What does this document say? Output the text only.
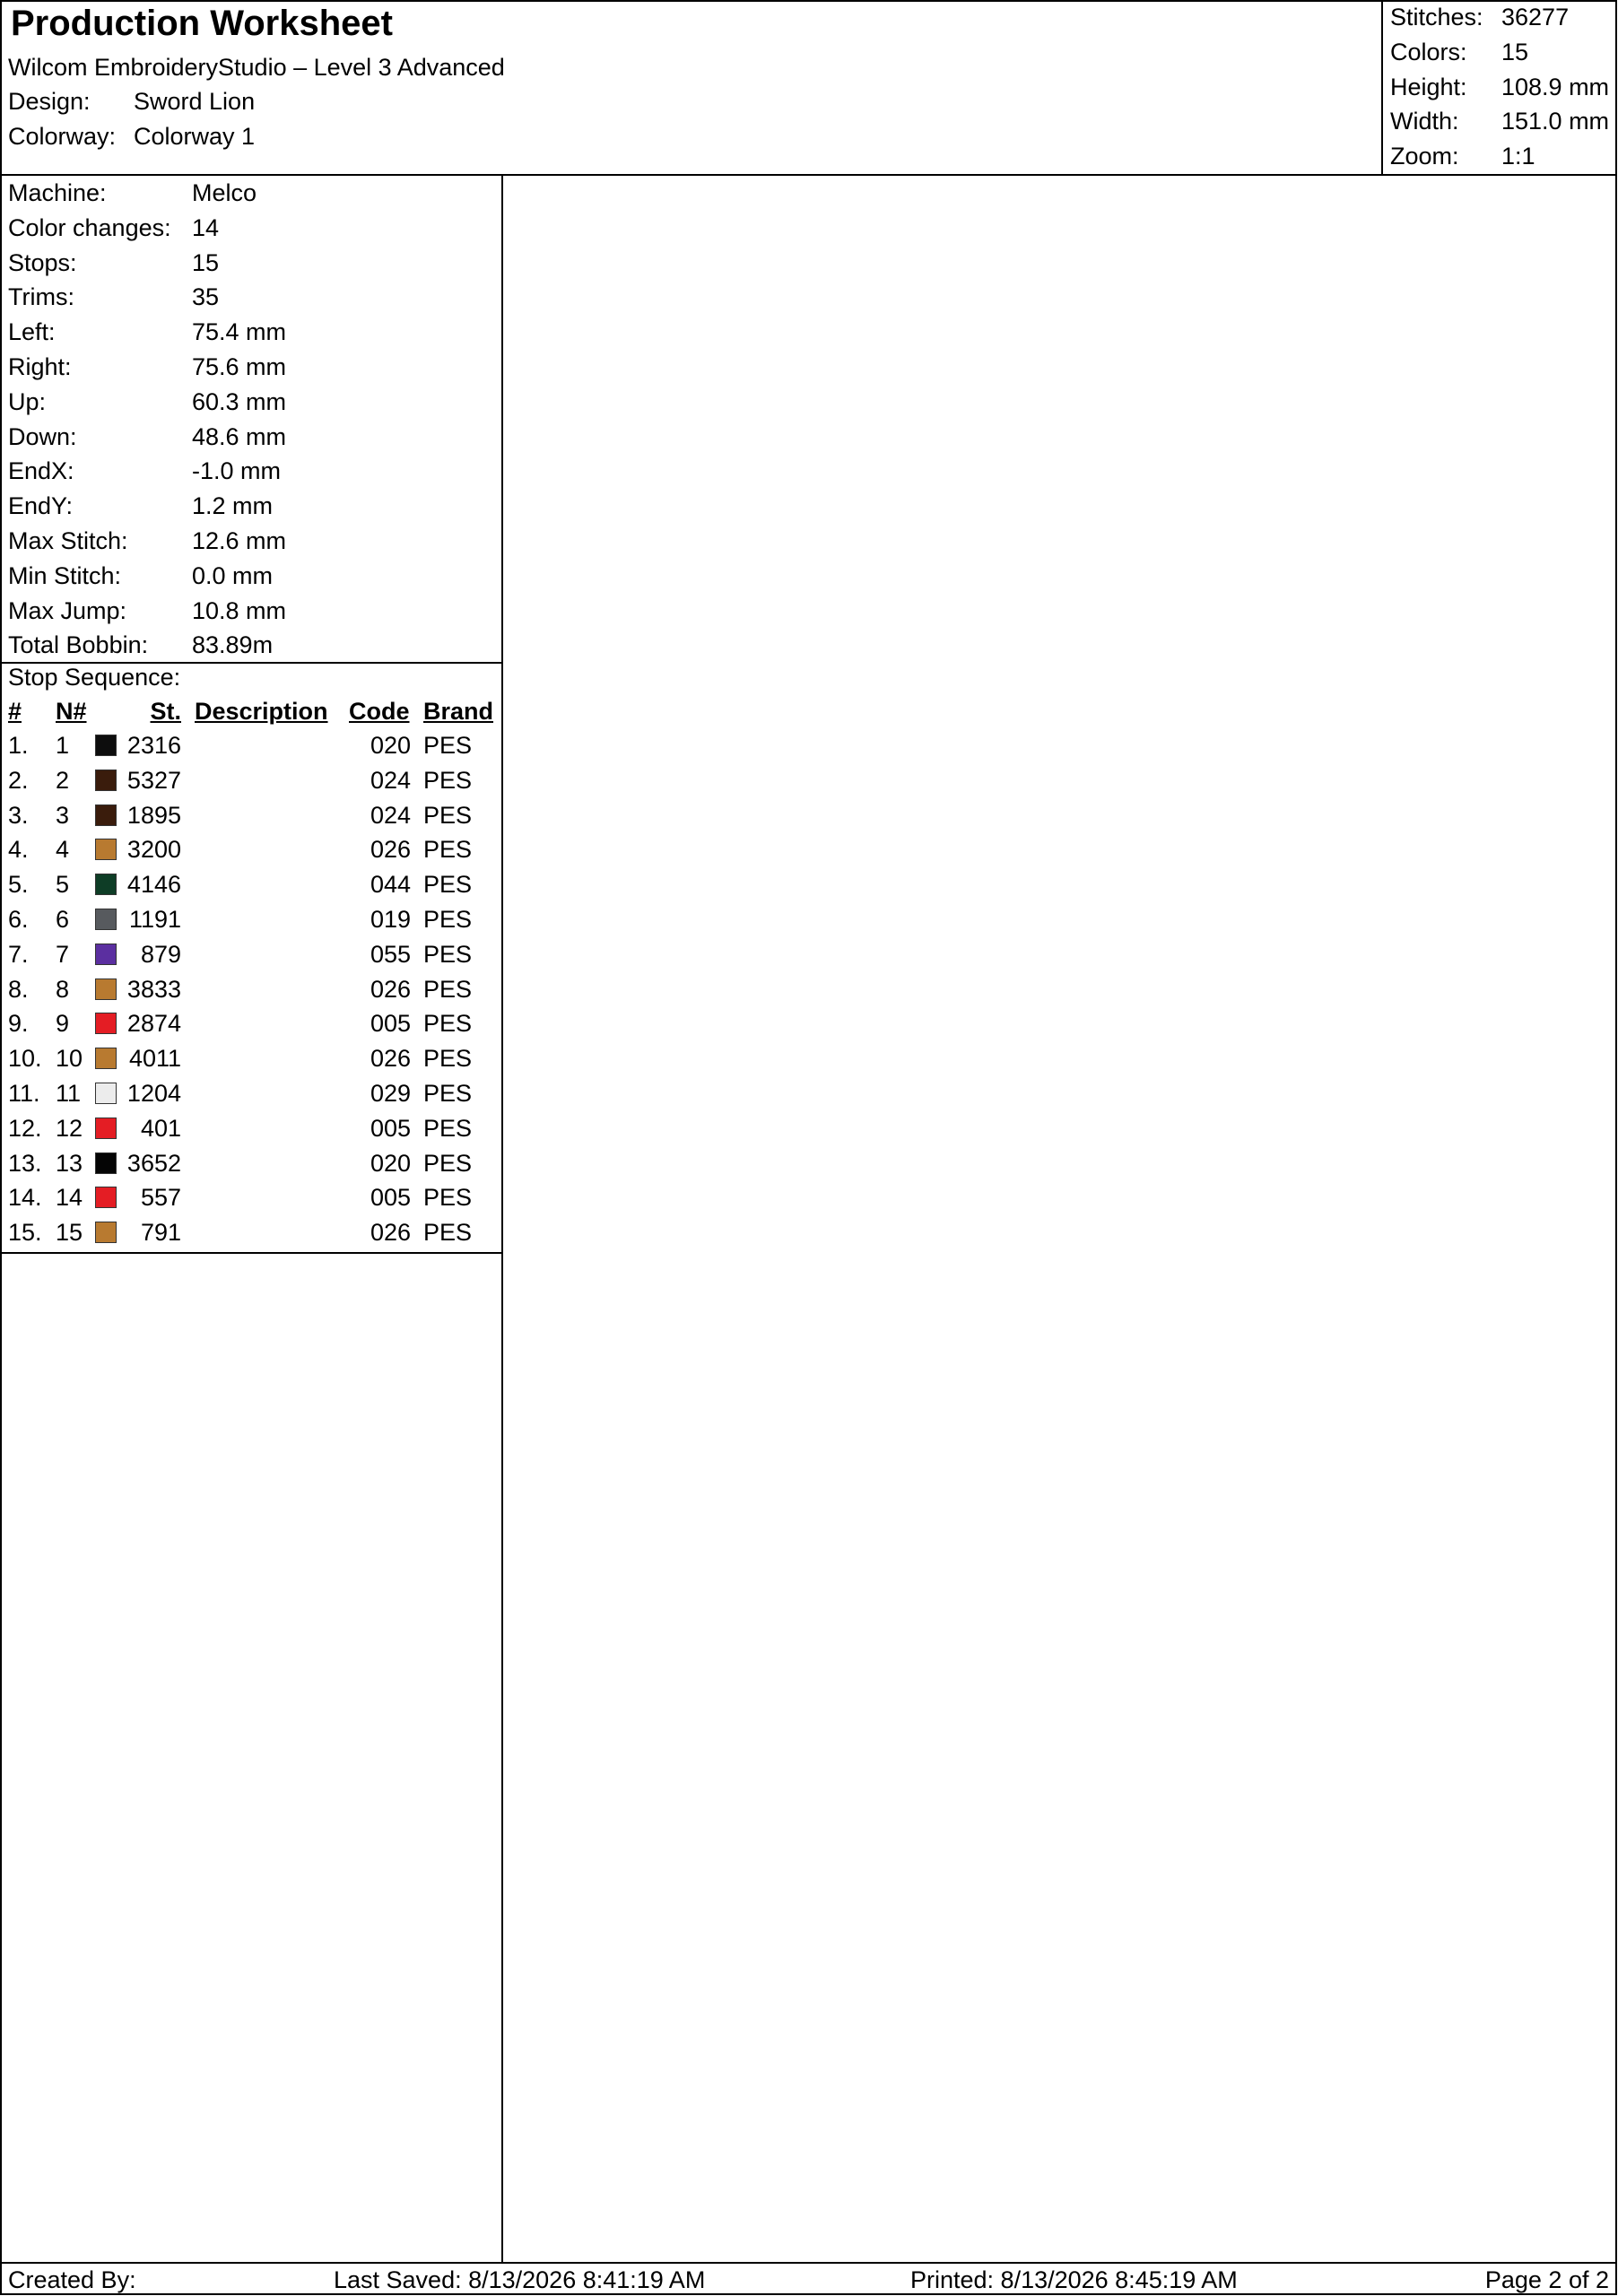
Production Worksheet
Wilcom EmbroideryStudio – Level 3 Advanced
Design: Sword Lion
Colorway: Colorway 1
Stitches: 36277
Colors: 15
Height: 108.9 mm
Width: 151.0 mm
Zoom: 1:1
Machine:	Melco
Color changes: 14
Stops:	15
Trims:	35
Left:	75.4 mm
Right:	75.6 mm
Up:	60.3 mm
Down:	48.6 mm
EndX:	-1.0 mm
EndY:	1.2 mm
Max Stitch:	12.6 mm
Min Stitch:	0.0 mm
Max Jump:	10.8 mm
Total Bobbin: 83.89m
Stop Sequence:
# N#	St. Description Code Brand
1. 1	2316	020 PES
2. 2	5327	024 PES
3. 3	1895	024 PES
4. 4	3200	026 PES
5. 5	4146	044 PES
6. 6	1191	019 PES
7. 7	879	055 PES
8. 8	3833	026 PES
9. 9	2874	005 PES
10. 10	4011	026 PES
11. 11	1204	029 PES
12. 12	401	005 PES
13. 13	3652	020 PES
14. 14	557	005 PES
15. 15	791	026 PES
Created By:	Last Saved: 8/13/2026 8:41:19 AM	Printed: 8/13/2026 8:45:19 AM	Page 2 of 2
